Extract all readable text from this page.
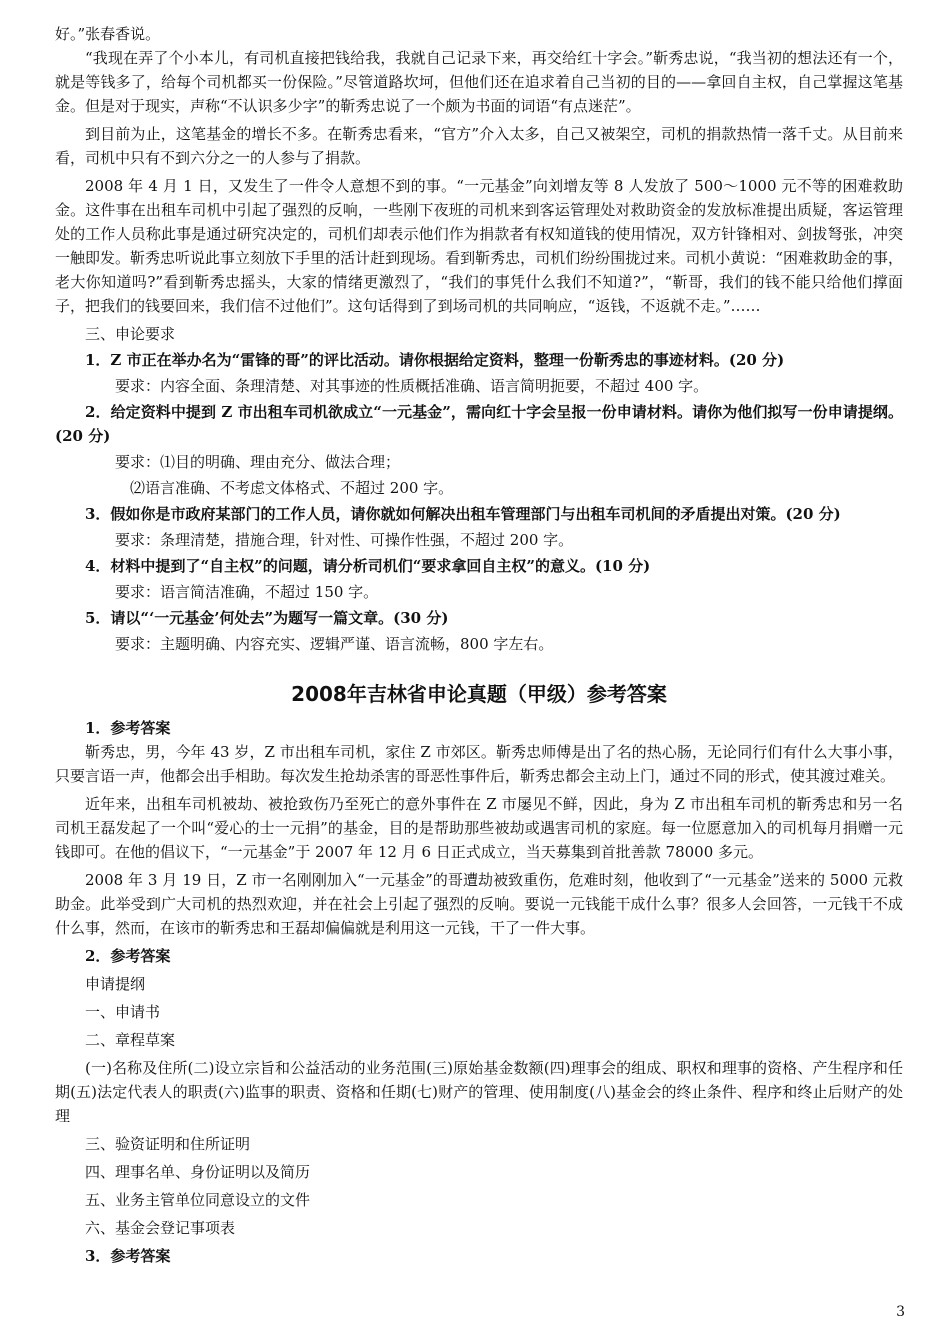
好。”张春香说。

“我现在弄了个小本儿，有司机直接把钱给我，我就自己记录下来，再交给红十字会。”靳秀忠说，“我当初的想法还有一个，就是等钱多了，给每个司机都买一份保险。”尽管道路坎坷，但他们还在追求着自己当初的目的——拿回自主权，自己掌握这笔基金。但是对于现实，声称“不认识多少字”的靳秀忠说了一个颇为书面的词语“有点迷茫”。

到目前为止，这笔基金的增长不多。在靳秀忠看来，“官方”介入太多，自己又被架空，司机的捐款热情一落千丈。从目前来看，司机中只有不到六分之一的人参与了捐款。

2008 年 4 月 1 日，又发生了一件令人意想不到的事。“一元基金”向刘增友等 8 人发放了 500～1000 元不等的困难救助金。这件事在出租车司机中引起了强烈的反响，一些刚下夜班的司机来到客运管理处对救助资金的发放标准提出质疑，客运管理处的工作人员称此事是通过研究决定的，司机们却表示他们作为捐款者有权知道钱的使用情况，双方针锋相对、剑拔弩张，冲突一触即发。靳秀忠听说此事立刻放下手里的活计赶到现场。看到靳秀忠，司机们纷纷围拢过来。司机小黄说：“困难救助金的事，老大你知道吗?”看到靳秀忠摇头，大家的情绪更激烈了，“我们的事凭什么我们不知道?”，“靳哥，我们的钱不能只给他们撑面子，把我们的钱要回来，我们信不过他们”。这句话得到了到场司机的共同响应，“返钱，不返就不走。”……

三、申论要求

1．Z 市正在举办名为“雷锋的哥”的评比活动。请你根据给定资料，整理一份靳秀忠的事迹材料。(20 分)

要求：内容全面、条理清楚、对其事迹的性质概括准确、语言简明扼要，不超过 400 字。

2．给定资料中提到 Z 市出租车司机欲成立“一元基金”，需向红十字会呈报一份申请材料。请你为他们拟写一份申请提纲。(20 分)

要求：⑴目的明确、理由充分、做法合理；

⑵语言准确、不考虑文体格式、不超过 200 字。

3．假如你是市政府某部门的工作人员，请你就如何解决出租车管理部门与出租车司机间的矛盾提出对策。(20 分)

要求：条理清楚，措施合理，针对性、可操作性强，不超过 200 字。

4．材料中提到了“自主权”的问题，请分析司机们“要求拿回自主权”的意义。(10 分)

要求：语言简洁准确，不超过 150 字。

5．请以“‘一元基金’何处去”为题写一篇文章。(30 分)

要求：主题明确、内容充实、逻辑严谨、语言流畅，800 字左右。

2008年吉林省申论真题（甲级）参考答案

1．参考答案

靳秀忠，男，今年 43 岁，Z 市出租车司机，家住 Z 市郊区。靳秀忠师傅是出了名的热心肠，无论同行们有什么大事小事，只要言语一声，他都会出手相助。每次发生抢劫杀害的哥恶性事件后，靳秀忠都会主动上门，通过不同的形式，使其渡过难关。

近年来，出租车司机被劫、被抢致伤乃至死亡的意外事件在 Z 市屡见不鲜，因此，身为 Z 市出租车司机的靳秀忠和另一名司机王磊发起了一个叫“爱心的士一元捐”的基金，目的是帮助那些被劫或遇害司机的家庭。每一位愿意加入的司机每月捐赠一元钱即可。在他的倡议下，“一元基金”于 2007 年 12 月 6 日正式成立，当天募集到首批善款 78000 多元。

2008 年 3 月 19 日，Z 市一名刚刚加入“一元基金”的哥遭劫被致重伤，危难时刻，他收到了“一元基金”送来的 5000 元救助金。此举受到广大司机的热烈欢迎，并在社会上引起了强烈的反响。要说一元钱能干成什么事？很多人会回答，一元钱干不成什么事，然而，在该市的靳秀忠和王磊却偏偏就是利用这一元钱，干了一件大事。

2．参考答案

申请提纲

一、申请书

二、章程草案

(一)名称及住所(二)设立宗旨和公益活动的业务范围(三)原始基金数额(四)理事会的组成、职权和理事的资格、产生程序和任期(五)法定代表人的职责(六)监事的职责、资格和任期(七)财产的管理、使用制度(八)基金会的终止条件、程序和终止后财产的处理

三、验资证明和住所证明

四、理事名单、身份证明以及简历

五、业务主管单位同意设立的文件

六、基金会登记事项表

3．参考答案

3
